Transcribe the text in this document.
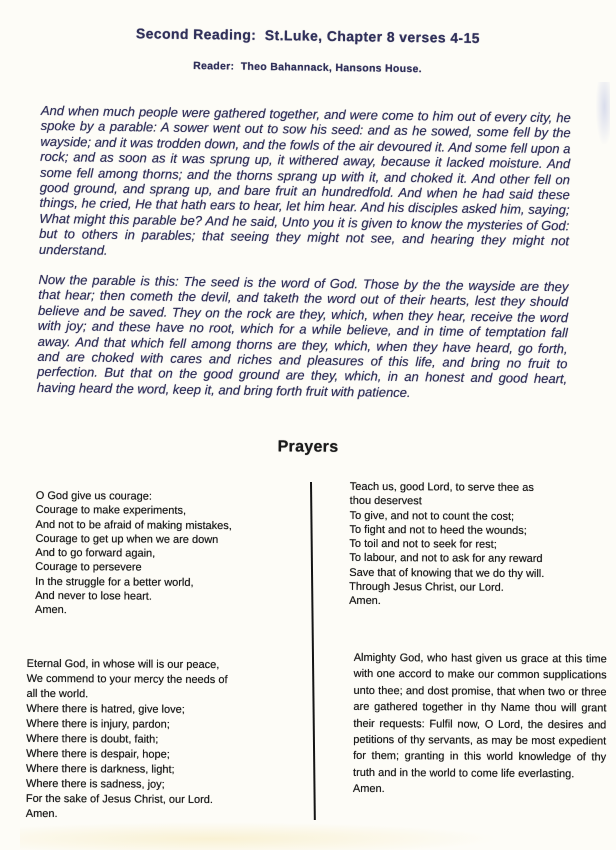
Second Reading:  St.Luke, Chapter 8 verses 4-15
Reader:  Theo Bahannack, Hansons House.
And when much people were gathered together, and were come to him out of every city, he spoke by a parable: A sower went out to sow his seed: and as he sowed, some fell by the wayside; and it was trodden down, and the fowls of the air devoured it. And some fell upon a rock; and as soon as it was sprung up, it withered away, because it lacked moisture. And some fell among thorns; and the thorns sprang up with it, and choked it. And other fell on good ground, and sprang up, and bare fruit an hundredfold. And when he had said these things, he cried, He that hath ears to hear, let him hear. And his disciples asked him, saying; What might this parable be? And he said, Unto you it is given to know the mysteries of God: but to others in parables; that seeing they might not see, and hearing they might not understand.
Now the parable is this: The seed is the word of God. Those by the the wayside are they that hear; then cometh the devil, and taketh the word out of their hearts, lest they should believe and be saved. They on the rock are they, which, when they hear, receive the word with joy; and these have no root, which for a while believe, and in time of temptation fall away. And that which fell among thorns are they, which, when they have heard, go forth, and are choked with cares and riches and pleasures of this life, and bring no fruit to perfection. But that on the good ground are they, which, in an honest and good heart, having heard the word, keep it, and bring forth fruit with patience.
Prayers
O God give us courage:
Courage to make experiments,
And not to be afraid of making mistakes,
Courage to get up when we are down
And to go forward again,
Courage to persevere
In the struggle for a better world,
And never to lose heart.
Amen.
Teach us, good Lord, to serve thee as
thou deservest
To give, and not to count the cost;
To fight and not to heed the wounds;
To toil and not to seek for rest;
To labour, and not to ask for any reward
Save that of knowing that we do thy will.
Through Jesus Christ, our Lord.
Amen.
Eternal God, in whose will is our peace,
We commend to your mercy the needs of
all the world.
Where there is hatred, give love;
Where there is injury, pardon;
Where there is doubt, faith;
Where there is despair, hope;
Where there is darkness, light;
Where there is sadness, joy;
For the sake of Jesus Christ, our Lord.
Amen.
Almighty God, who hast given us grace at this time with one accord to make our common supplications unto thee; and dost promise, that when two or three are gathered together in thy Name thou will grant their requests: Fulfil now, O Lord, the desires and petitions of thy servants, as may be most expedient for them; granting in this world knowledge of thy truth and in the world to come life everlasting.
Amen.
